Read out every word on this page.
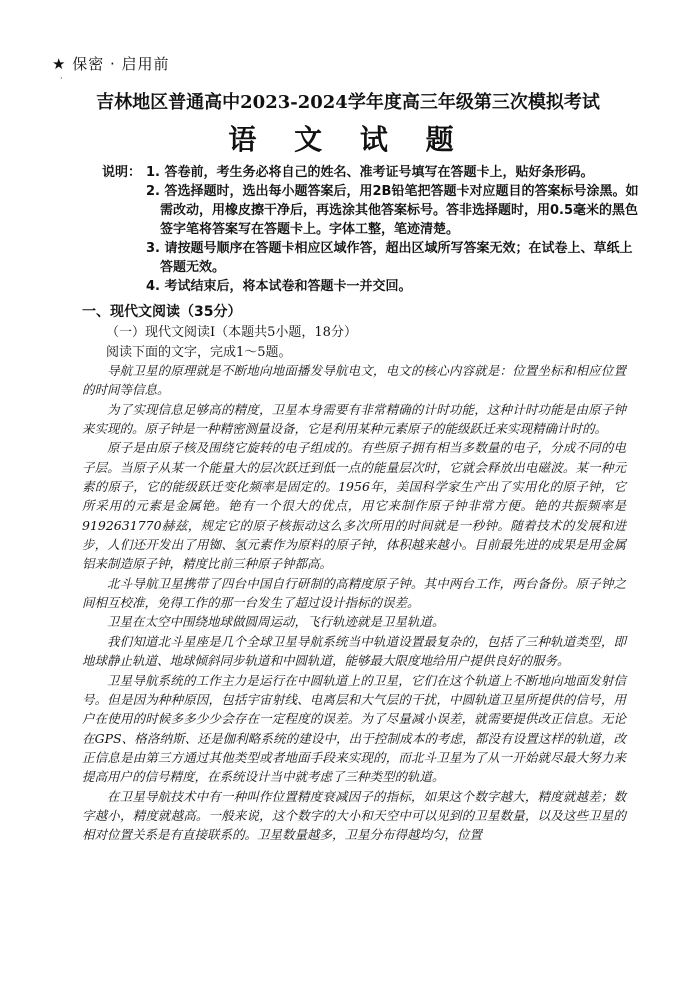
★ 保密 · 启用前
·
吉林地区普通高中2023-2024学年度高三年级第三次模拟考试
语 文 试 题
说明： 1. 答卷前，考生务必将自己的姓名、准考证号填写在答题卡上，贴好条形码。
2. 答选择题时，选出每小题答案后，用2B铅笔把答题卡对应题目的答案标号涂黑。如需改动，用橡皮擦干净后，再选涂其他答案标号。答非选择题时，用0.5毫米的黑色签字笔将答案写在答题卡上。字体工整，笔迹清楚。
3. 请按题号顺序在答题卡相应区域作答，超出区域所写答案无效；在试卷上、草纸上答题无效。
4. 考试结束后，将本试卷和答题卡一并交回。
一、现代文阅读（35分）
（一）现代文阅读Ⅰ（本题共5小题，18分）
阅读下面的文字，完成1～5题。

导航卫星的原理就是不断地向地面播发导航电文，电文的核心内容就是：位置坐标和相应位置的时间等信息。

为了实现信息足够高的精度，卫星本身需要有非常精确的计时功能，这种计时功能是由原子钟来实现的。原子钟是一种精密测量设备，它是利用某种元素原子的能级跃迁来实现精确计时的。

原子是由原子核及围绕它旋转的电子组成的。有些原子拥有相当多数量的电子，分成不同的电子层。当原子从某一个能量大的层次跃迁到低一点的能量层次时，它就会释放出电磁波。某一种元素的原子，它的能级跃迁变化频率是固定的。1956年，美国科学家生产出了实用化的原子钟，它所采用的元素是金属铯。铯有一个很大的优点，用它来制作原子钟非常方便。铯的共振频率是9192631770赫兹，规定它的原子核振动这么多次所用的时间就是一秒钟。随着技术的发展和进步，人们还开发出了用铷、氢元素作为原料的原子钟，体积越来越小。目前最先进的成果是用金属铝来制造原子钟，精度比前三种原子钟都高。

北斗导航卫星携带了四台中国自行研制的高精度原子钟。其中两台工作，两台备份。原子钟之间相互校准，免得工作的那一台发生了超过设计指标的误差。

卫星在太空中围绕地球做圆周运动，飞行轨迹就是卫星轨道。

我们知道北斗星座是几个全球卫星导航系统当中轨道设置最复杂的，包括了三种轨道类型，即地球静止轨道、地球倾斜同步轨道和中圆轨道，能够最大限度地给用户提供良好的服务。

卫星导航系统的工作主力是运行在中圆轨道上的卫星，它们在这个轨道上不断地向地面发射信号。但是因为种种原因，包括宇宙射线、电离层和大气层的干扰，中圆轨道卫星所提供的信号，用户在使用的时候多多少少会存在一定程度的误差。为了尽量减小误差，就需要提供改正信息。无论在GPS、格洛纳斯、还是伽利略系统的建设中，出于控制成本的考虑，都没有设置这样的轨道，改正信息是由第三方通过其他类型或者地面手段来实现的，而北斗卫星为了从一开始就尽最大努力来提高用户的信号精度，在系统设计当中就考虑了三种类型的轨道。

在卫星导航技术中有一种叫作位置精度衰减因子的指标，如果这个数字越大，精度就越差；数字越小，精度就越高。一般来说，这个数字的大小和天空中可以见到的卫星数量，以及这些卫星的相对位置关系是有直接联系的。卫星数量越多，卫星分布得越均匀，位置
